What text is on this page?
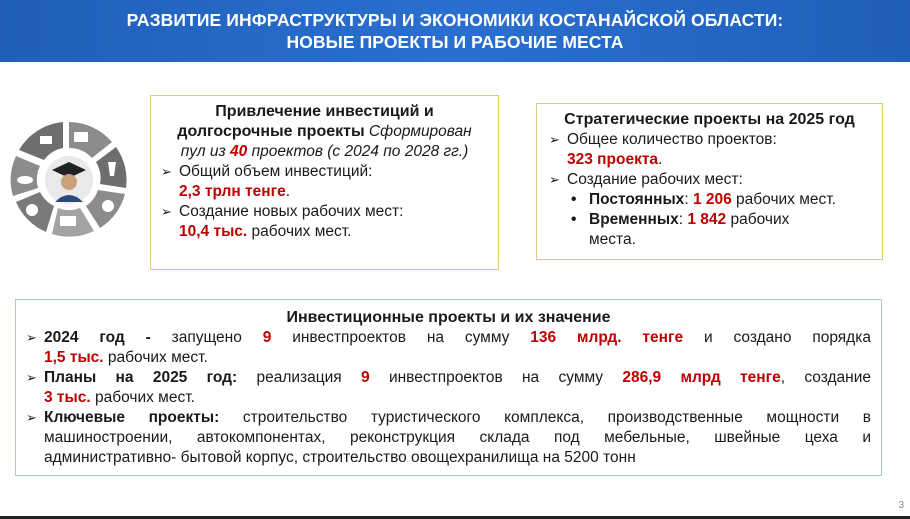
РАЗВИТИЕ ИНФРАСТРУКТУРЫ И ЭКОНОМИКИ КОСТАНАЙСКОЙ ОБЛАСТИ:
НОВЫЕ ПРОЕКТЫ И РАБОЧИЕ МЕСТА
Привлечение инвестиций и
долгосрочные проекты Сформирован
пул из 40 проектов (с 2024 по 2028 гг.)
➢ Общий объем инвестиций:
2,3 трлн тенге.
➢ Создание новых рабочих мест:
10,4 тыс. рабочих мест.
Стратегические проекты на 2025 год
➢ Общее количество проектов:
323 проекта.
➢ Создание рабочих мест:
• Постоянных: 1 206 рабочих мест.
• Временных: 1 842 рабочих
места.
Инвестиционные проекты и их значение
➢ 2024 год - запущено 9 инвестпроектов на сумму 136 млрд. тенге и создано порядка
1,5 тыс. рабочих мест.
➢ Планы на 2025 год: реализация 9 инвестпроектов на сумму 286,9 млрд тенге, создание
3 тыс. рабочих мест.
➢ Ключевые проекты: строительство туристического комплекса, производственные мощности в
машиностроении, автокомпонентах, реконструкция склада под мебельные, швейные цеха и
административно- бытовой корпус, строительство овощехранилища на 5200 тонн
3
